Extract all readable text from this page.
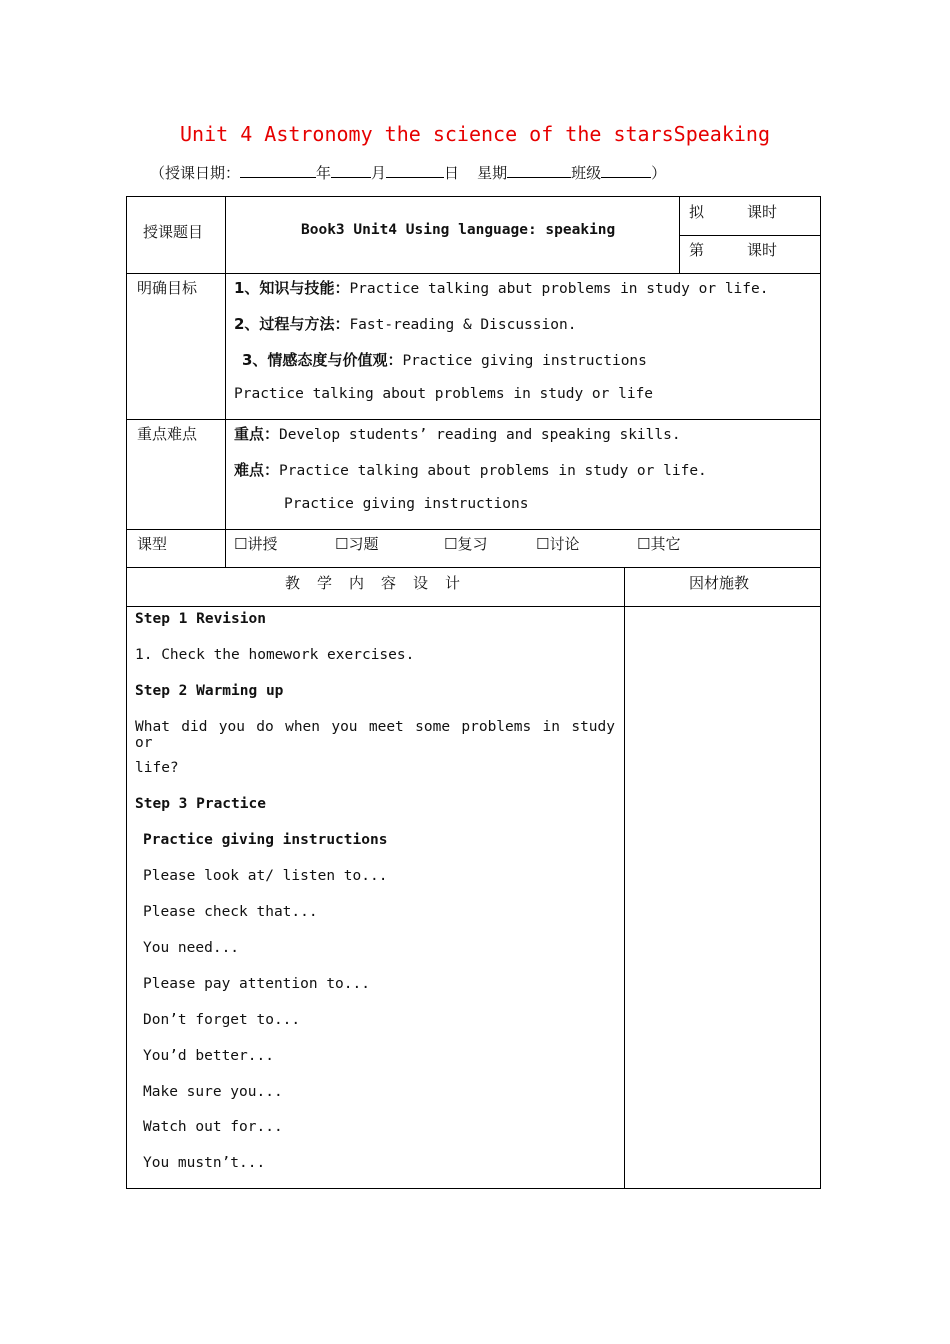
Unit 4 Astronomy the science of the starsSpeaking
（授课日期：	年	月	日 星期	班级	）
授课题目	Book3 Unit4 Using language: speaking
拟	课时
第	课时
明确目标 1、知识与技能：Practice talking abut problems in study or life.
2、过程与方法：Fast-reading & Discussion.
3、情感态度与价值观：Practice giving instructions
Practice talking about problems in study or life
重点难点 重点：Develop students’ reading and speaking skills.
难点：Practice talking about problems in study or life.
Practice giving instructions
课型	☐讲授	☐习题	☐复习	☐讨论	☐其它
教　学　内　容　设　计	因材施教
Step 1 Revision
1. Check the homework exercises.
Step 2 Warming up
What did you do when you meet some problems in study or
life?
Step 3 Practice
Practice giving instructions
Please look at/ listen to...
Please check that...
You need...
Please pay attention to...
Don’t forget to...
You’d better...
Make sure you...
Watch out for...
You mustn’t...
